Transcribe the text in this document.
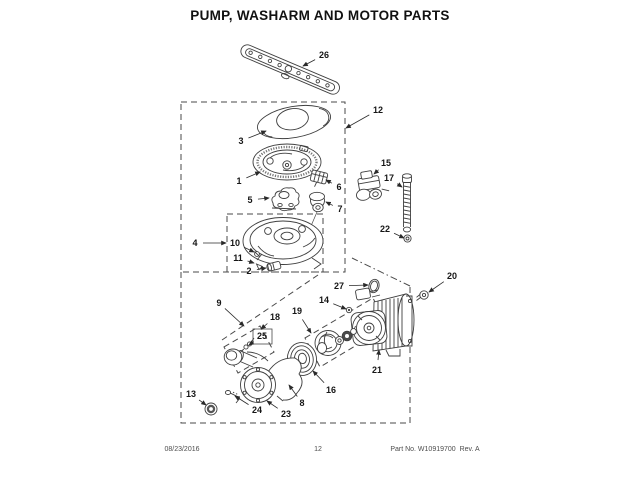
PUMP, WASHARM AND MOTOR PARTS
1
2
3
4
5
6
7
8
9
10
11
12
13
14
15
16
17
18
19
20
21
22
23
24
25
26
27
08/23/2016	12	Part No. W10919700  Rev. A
